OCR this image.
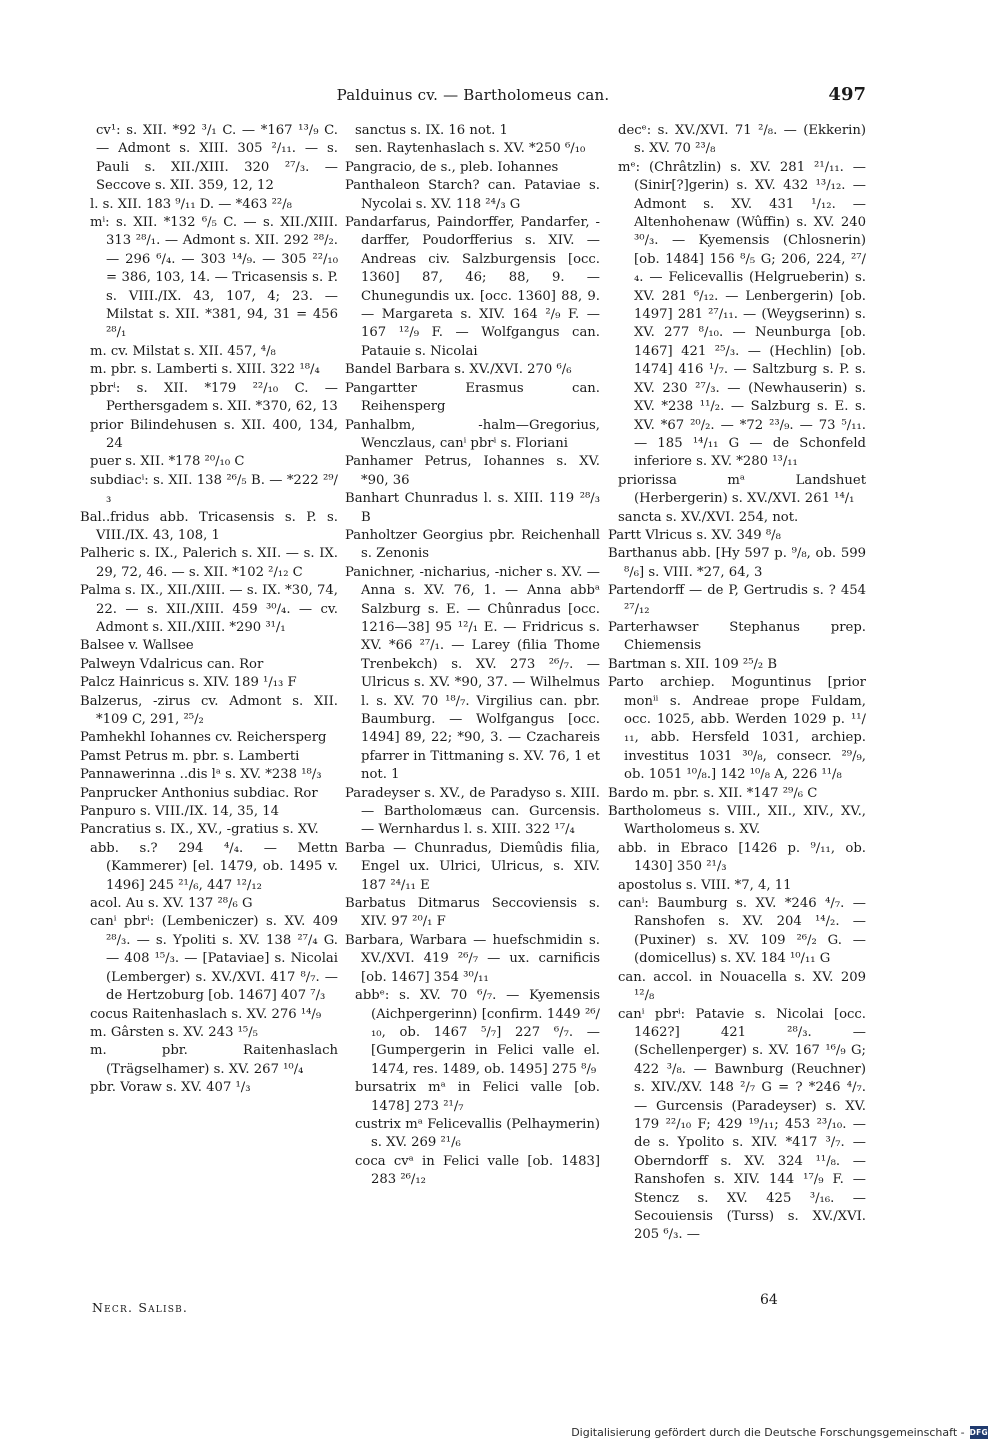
Palduinus cv. — Bartholomeus can.	497
cv¹: s. XII. *92 ³/₁ C. — *167 ¹³/₉ C. — Admont s. XIII. 305 ²/₁₁. — s. Pauli s. XII./XIII. 320 ²⁷/₃. — Seccove s. XII. 359, 12, 12
l. s. XII. 183 ⁹/₁₁ D. — *463 ²²/₈
mⁱ: s. XII. *132 ⁶/₅ C. — s. XII./XIII. 313 ²⁸/₁. — Admont s. XII. 292 ²⁸/₂. — 296 ⁶/₄. — 303 ¹⁴/₉. — 305 ²²/₁₀ = 386, 103, 14. — Tricasensis s. P. s. VIII./IX. 43, 107, 4; 23. — Milstat s. XII. *381, 94, 31 = 456 ²⁸/₁
m. cv. Milstat s. XII. 457, ⁴/₈
m. pbr. s. Lamberti s. XIII. 322 ¹⁸/₄
pbrⁱ: s. XII. *179 ²²/₁₀ C. — Perthersgadem s. XII. *370, 62, 13
prior Bilindehusen s. XII. 400, 134, 24
puer s. XII. *178 ²⁰/₁₀ C
subdiacⁱ: s. XII. 138 ²⁶/₅ B. — *222 ²⁹/₃
Bal..fridus abb. Tricasensis s. P. s. VIII./IX. 43, 108, 1
Palheric s. IX., Palerich s. XII. — s. IX. 29, 72, 46. — s. XII. *102 ²/₁₂ C
Palma s. IX., XII./XIII. — s. IX. *30, 74, 22. — s. XII./XIII. 459 ³⁰/₄. — cv. Admont s. XII./XIII. *290 ³¹/₁
Balsee v. Wallsee
Palweyn Vdalricus can. Ror
Palcz Hainricus s. XIV. 189 ¹/₁₃ F
Balzerus, -zirus cv. Admont s. XII. *109 C, 291, ²⁵/₂
Pamhekhl Iohannes cv. Reichersperg
Pamst Petrus m. pbr. s. Lamberti
Pannawerinna ..dis lᵃ s. XV. *238 ¹⁸/₃
Panprucker Anthonius subdiac. Ror
Panpuro s. VIII./IX. 14, 35, 14
Pancratius s. IX., XV., -gratius s. XV.
abb. s.? 294 ⁴/₄. — Mettn (Kammerer) [el. 1479, ob. 1495 v. 1496] 245 ²¹/₆, 447 ¹²/₁₂
acol. Au s. XV. 137 ²⁸/₆ G
canⁱ pbrⁱ: (Lembeniczer) s. XV. 409 ²⁸/₃. — s. Ypoliti s. XV. 138 ²⁷/₄ G. — 408 ¹⁵/₃. — [Pataviae] s. Nicolai (Lemberger) s. XV./XVI. 417 ⁸/₇. — de Hertzoburg [ob. 1467] 407 ⁷/₃
cocus Raitenhaslach s. XV. 276 ¹⁴/₉
m. Gârsten s. XV. 243 ¹⁵/₅
m. pbr. Raitenhaslach (Trägselhamer) s. XV. 267 ¹⁰/₄
pbr. Voraw s. XV. 407 ¹/₃
sanctus s. IX. 16 not. 1
sen. Raytenhaslach s. XV. *250 ⁶/₁₀
Pangracio, de s., pleb. Iohannes
Panthaleon Starch? can. Pataviae s. Nycolai s. XV. 118 ²⁴/₃ G
Pandarfarus, Paindorffer, Pandarfer, -darffer, Poudorfferius s. XIV. — Andreas civ. Salzburgensis [occ. 1360] 87, 46; 88, 9. — Chunegundis ux. [occ. 1360] 88, 9. — Margareta s. XIV. 164 ²/₉ F. — 167 ¹²/₉ F. — Wolfgangus can. Patauie s. Nicolai
Bandel Barbara s. XV./XVI. 270 ⁶/₆
Pangartter Erasmus can. Reihensperg
Panhalbm, -halm—Gregorius, Wenczlaus, canⁱ pbrⁱ s. Floriani
Panhamer Petrus, Iohannes s. XV. *90, 36
Banhart Chunradus l. s. XIII. 119 ²⁸/₃ B
Panholtzer Georgius pbr. Reichenhall s. Zenonis
Panichner, -nicharius, -nicher s. XV. — Anna s. XV. 76, 1. — Anna abbᵃ Salzburg s. E. — Chûnradus [occ. 1216—38] 95 ¹²/₁ E. — Fridricus s. XV. *66 ²⁷/₁. — Larey (filia Thome Trenbekch) s. XV. 273 ²⁶/₇. — Ulricus s. XV. *90, 37. — Wilhelmus l. s. XV. 70 ¹⁸/₇. Virgilius can. pbr. Baumburg. — Wolfgangus [occ. 1494] 89, 22; *90, 3. — Czachareis pfarrer in Tittmaning s. XV. 76, 1 et not. 1
Paradeyser s. XV., de Paradyso s. XIII. — Bartholomæus can. Gurcensis. — Wernhardus l. s. XIII. 322 ¹⁷/₄
Barba — Chunradus, Diemûdis filia, Engel ux. Ulrici, Ulricus, s. XIV. 187 ²⁴/₁₁ E
Barbatus Ditmarus Seccoviensis s. XIV. 97 ²⁰/₁ F
Barbara, Warbara — huefschmidin s. XV./XVI. 419 ²⁶/₇ — ux. carnificis [ob. 1467] 354 ³⁰/₁₁
abbᵉ: s. XV. 70 ⁶/₇. — Kyemensis (Aichpergerinn) [confirm. 1449 ²⁶/₁₀, ob. 1467 ⁵/₇] 227 ⁶/₇. — [Gumpergerin in Felici valle el. 1474, res. 1489, ob. 1495] 275 ⁸/₉
bursatrix mᵃ in Felici valle [ob. 1478] 273 ²¹/₇
custrix mᵃ Felicevallis (Pelhaymerin) s. XV. 269 ²¹/₆
coca cvᵃ in Felici valle [ob. 1483] 283 ²⁶/₁₂
decᵉ: s. XV./XVI. 71 ²/₈. — (Ekkerin) s. XV. 70 ²³/₈
mᵉ: (Chrâtzlin) s. XV. 281 ²¹/₁₁. — (Sinir[?]gerin) s. XV. 432 ¹³/₁₂. — Admont s. XV. 431 ¹/₁₂. — Altenhohenaw (Wûffin) s. XV. 240 ³⁰/₃. — Kyemensis (Chlosnerin) [ob. 1484] 156 ⁸/₅ G; 206, 224, ²⁷/₄. — Felicevallis (Helgrueberin) s. XV. 281 ⁶/₁₂. — Lenbergerin) [ob. 1497] 281 ²⁷/₁₁. — (Weygserinn) s. XV. 277 ⁸/₁₀. — Neunburga [ob. 1467] 421 ²⁵/₃. — (Hechlin) [ob. 1474] 416 ¹/₇. — Saltzburg s. P. s. XV. 230 ²⁷/₃. — (Newhauserin) s. XV. *238 ¹¹/₂. — Salzburg s. E. s. XV. *67 ²⁰/₂. — *72 ²³/₉. — 73 ⁵/₁₁. — 185 ¹⁴/₁₁ G — de Schonfeld inferiore s. XV. *280 ¹³/₁₁
priorissa mᵃ Landshuet (Herbergerin) s. XV./XVI. 261 ¹⁴/₁
sancta s. XV./XVI. 254, not.
Partt Vlricus s. XV. 349 ⁸/₈
Barthanus abb. [Hy 597 p. ⁹/₈, ob. 599 ⁸/₆] s. VIII. *27, 64, 3
Partendorff — de P, Gertrudis s. ? 454 ²⁷/₁₂
Parterhawser Stephanus prep. Chiemensis
Bartman s. XII. 109 ²⁵/₂ B
Parto archiep. Moguntinus [prior monⁱⁱ s. Andreae prope Fuldam, occ. 1025, abb. Werden 1029 p. ¹¹/₁₁, abb. Hersfeld 1031, archiep. investitus 1031 ³⁰/₈, consecr. ²⁹/₉, ob. 1051 ¹⁰/₈.] 142 ¹⁰/₈ A, 226 ¹¹/₈
Bardo m. pbr. s. XII. *147 ²⁹/₆ C
Bartholomeus s. VIII., XII., XIV., XV., Wartholomeus s. XV.
abb. in Ebraco [1426 p. ⁹/₁₁, ob. 1430] 350 ²¹/₃
apostolus s. VIII. *7, 4, 11
canⁱ: Baumburg s. XV. *246 ⁴/₇. — Ranshofen s. XV. 204 ¹⁴/₂. — (Puxiner) s. XV. 109 ²⁶/₂ G. — (domicellus) s. XV. 184 ¹⁰/₁₁ G
can. accol. in Nouacella s. XV. 209 ¹²/₈
canⁱ pbrⁱ: Patavie s. Nicolai [occ. 1462?] 421 ²⁸/₃. — (Schellenperger) s. XV. 167 ¹⁶/₉ G; 422 ³/₈. — Bawnburg (Reuchner) s. XIV./XV. 148 ²/₇ G = ? *246 ⁴/₇. — Gurcensis (Paradeyser) s. XV. 179 ²²/₁₀ F; 429 ¹⁹/₁₁; 453 ²³/₁₀. — de s. Ypolito s. XIV. *417 ³/₇. — Oberndorff s. XV. 324 ¹¹/₈. — Ranshofen s. XIV. 144 ¹⁷/₉ F. — Stencz s. XV. 425 ³/₁₆. — Secouiensis (Turss) s. XV./XVI. 205 ⁶/₃. —
Necr. Salisb.	64
Digitalisierung gefördert durch die Deutsche Forschungsgemeinschaft - DFG
